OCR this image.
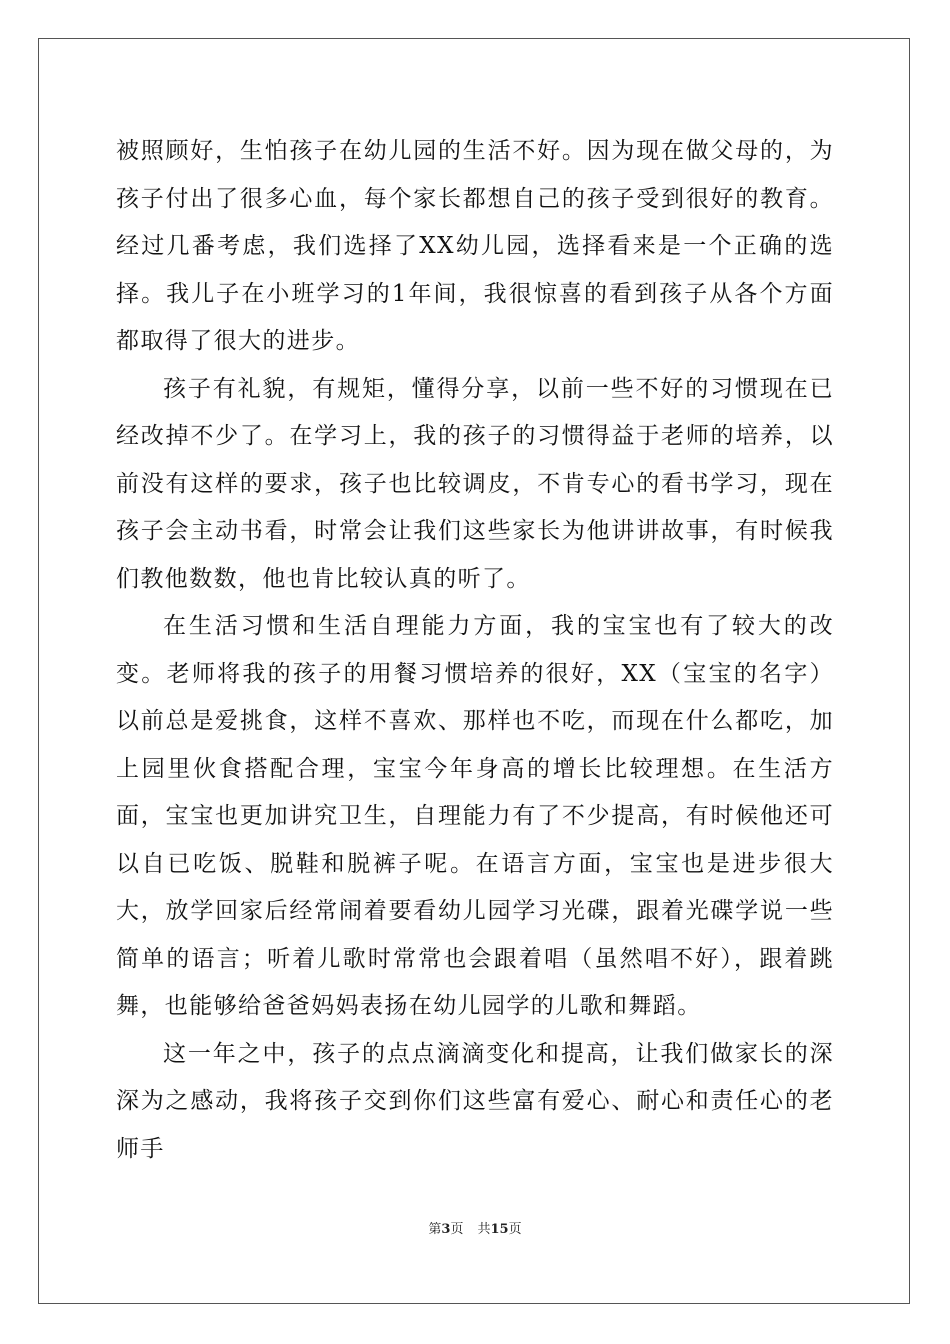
被照顾好，生怕孩子在幼儿园的生活不好。因为现在做父母的，为孩子付出了很多心血，每个家长都想自己的孩子受到很好的教育。经过几番考虑，我们选择了XX幼儿园，选择看来是一个正确的选择。我儿子在小班学习的1年间，我很惊喜的看到孩子从各个方面都取得了很大的进步。

孩子有礼貌，有规矩，懂得分享，以前一些不好的习惯现在已经改掉不少了。在学习上，我的孩子的习惯得益于老师的培养，以前没有这样的要求，孩子也比较调皮，不肯专心的看书学习，现在孩子会主动书看，时常会让我们这些家长为他讲讲故事，有时候我们教他数数，他也肯比较认真的听了。

在生活习惯和生活自理能力方面，我的宝宝也有了较大的改变。老师将我的孩子的用餐习惯培养的很好，XX（宝宝的名字）以前总是爱挑食，这样不喜欢、那样也不吃，而现在什么都吃，加上园里伙食搭配合理，宝宝今年身高的增长比较理想。在生活方面，宝宝也更加讲究卫生，自理能力有了不少提高，有时候他还可以自已吃饭、脱鞋和脱裤子呢。在语言方面，宝宝也是进步很大大，放学回家后经常闹着要看幼儿园学习光碟，跟着光碟学说一些简单的语言；听着儿歌时常常也会跟着唱（虽然唱不好），跟着跳舞，也能够给爸爸妈妈表扬在幼儿园学的儿歌和舞蹈。

这一年之中，孩子的点点滴滴变化和提高，让我们做家长的深深为之感动，我将孩子交到你们这些富有爱心、耐心和责任心的老师手

第3页 共15页
